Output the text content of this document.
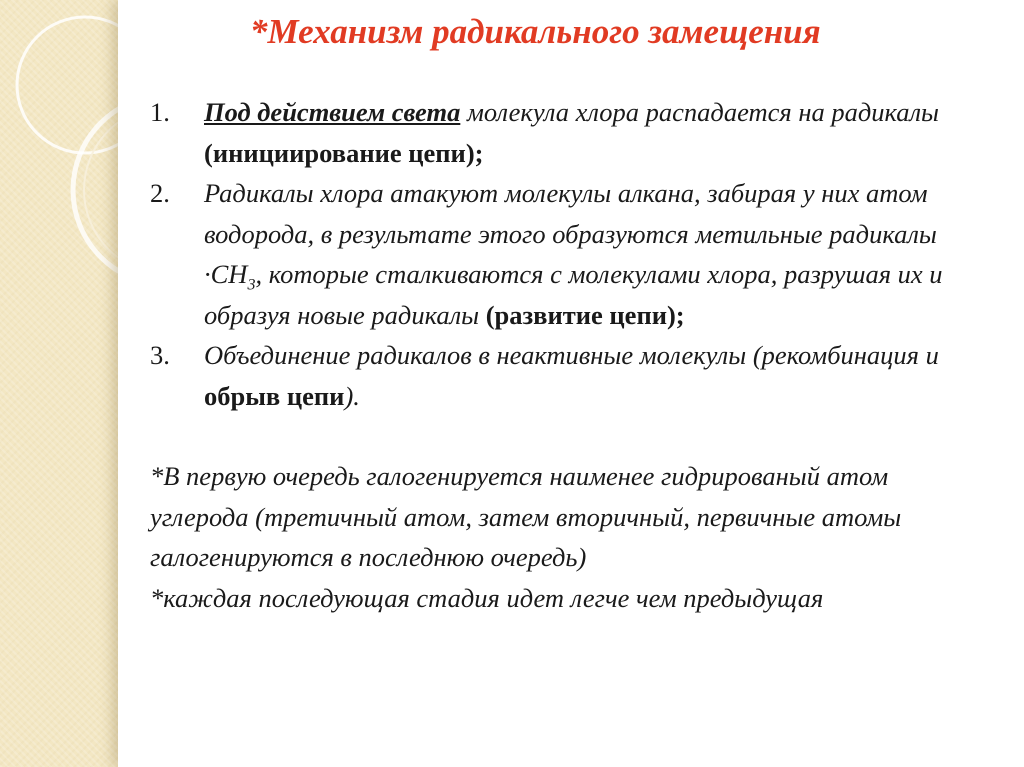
*Механизм радикального замещения
1. Под действием света молекула хлора распадается на радикалы (инициирование цепи);
2. Радикалы хлора атакуют молекулы алкана, забирая у них атом водорода, в результате этого образуются метильные радикалы $\cdot CH_3$, которые сталкиваются с молекулами хлора, разрушая их и образуя новые радикалы (развитие цепи);
3. Объединение радикалов в неактивные молекулы (рекомбинация и обрыв цепи).

*В первую очередь галогенируется наименее гидрированый атом углерода (третичный атом, затем вторичный, первичные атомы галогенируются в последнюю очередь)

*каждая последующая стадия идет легче чем предыдущая
